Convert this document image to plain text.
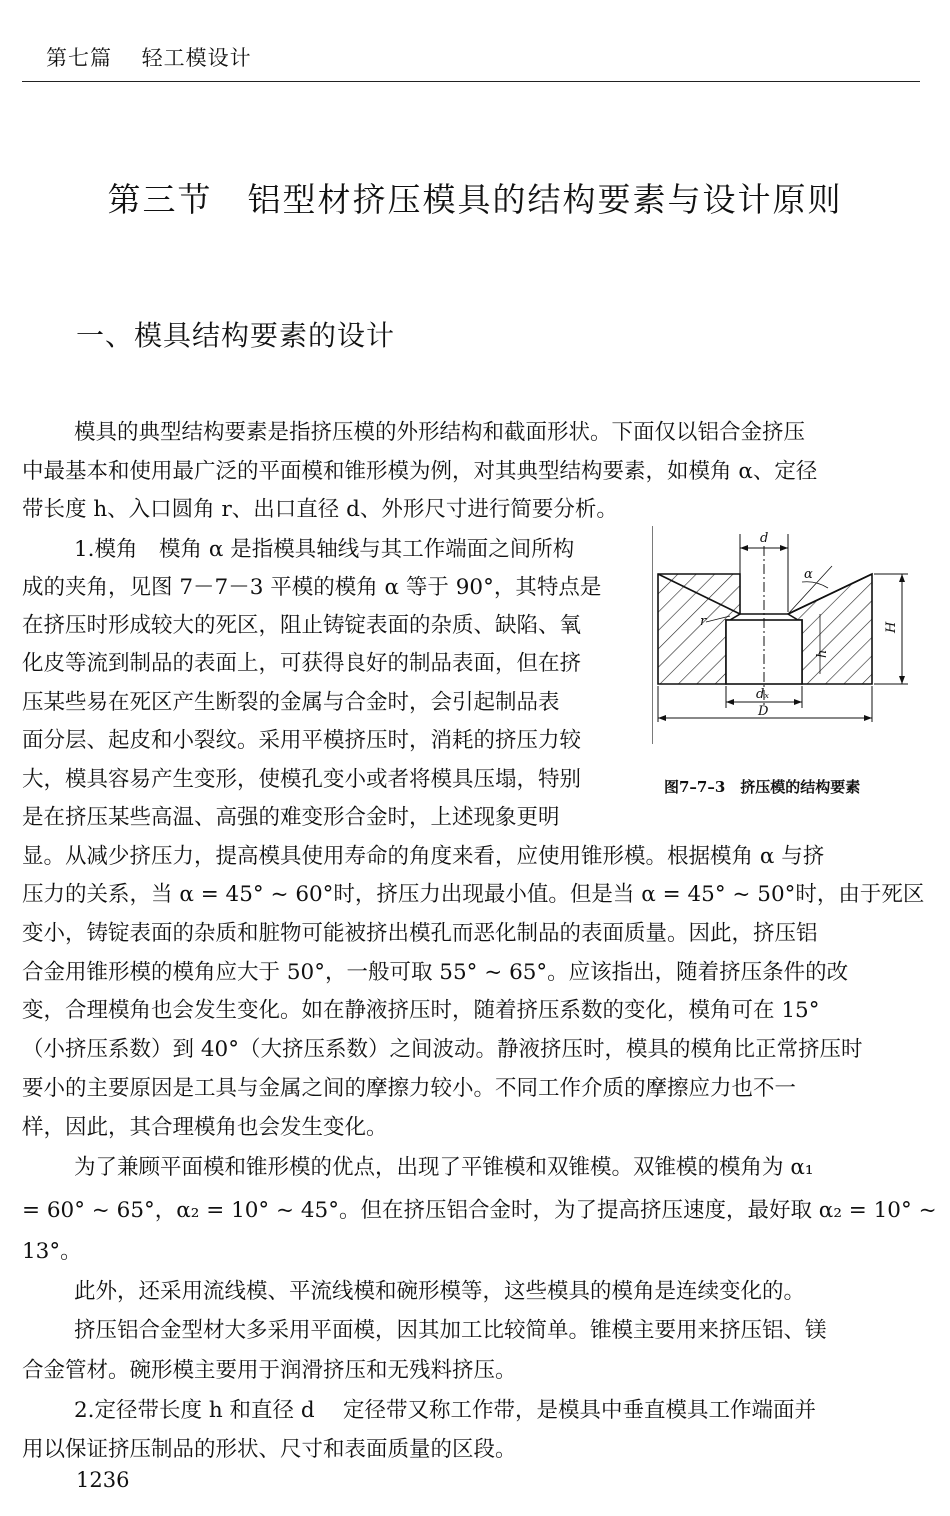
第七篇　 轻工模设计
第三节　铝型材挤压模具的结构要素与设计原则
一、模具结构要素的设计
模具的典型结构要素是指挤压模的外形结构和截面形状。下面仅以铝合金挤压
中最基本和使用最广泛的平面模和锥形模为例，对其典型结构要素，如模角 α、定径
带长度 h、入口圆角 r、出口直径 d、外形尺寸进行简要分析。
1.模角　模角 α 是指模具轴线与其工作端面之间所构
成的夹角，见图 7－7－3 平模的模角 α 等于 90°，其特点是
在挤压时形成较大的死区，阻止铸锭表面的杂质、缺陷、氧
化皮等流到制品的表面上，可获得良好的制品表面，但在挤
压某些易在死区产生断裂的金属与合金时，会引起制品表
面分层、起皮和小裂纹。采用平模挤压时，消耗的挤压力较
大，模具容易产生变形，使模孔变小或者将模具压塌，特别
是在挤压某些高温、高强的难变形合金时，上述现象更明
显。从减少挤压力，提高模具使用寿命的角度来看，应使用锥形模。根据模角 α 与挤
压力的关系，当 α = 45° ~ 60°时，挤压力出现最小值。但是当 α = 45° ~ 50°时，由于死区
变小，铸锭表面的杂质和脏物可能被挤出模孔而恶化制品的表面质量。因此，挤压铝
合金用锥形模的模角应大于 50°，一般可取 55° ~ 65°。应该指出，随着挤压条件的改
变，合理模角也会发生变化。如在静液挤压时，随着挤压系数的变化，模角可在 15°
（小挤压系数）到 40°（大挤压系数）之间波动。静液挤压时，模具的模角比正常挤压时
要小的主要原因是工具与金属之间的摩擦力较小。不同工作介质的摩擦应力也不一
样，因此，其合理模角也会发生变化。
为了兼顾平面模和锥形模的优点，出现了平锥模和双锥模。双锥模的模角为 α₁
= 60° ~ 65°，α₂ = 10° ~ 45°。但在挤压铝合金时，为了提高挤压速度，最好取 α₂ = 10° ~
13°。
此外，还采用流线模、平流线模和碗形模等，这些模具的模角是连续变化的。
挤压铝合金型材大多采用平面模，因其加工比较简单。锥模主要用来挤压铝、镁
合金管材。碗形模主要用于润滑挤压和无残料挤压。
2.定径带长度 h 和直径 d　 定径带又称工作带，是模具中垂直模具工作端面并
用以保证挤压制品的形状、尺寸和表面质量的区段。
d
α
r
h
H
dₓ
D
图7–7–3　挤压模的结构要素
1236
